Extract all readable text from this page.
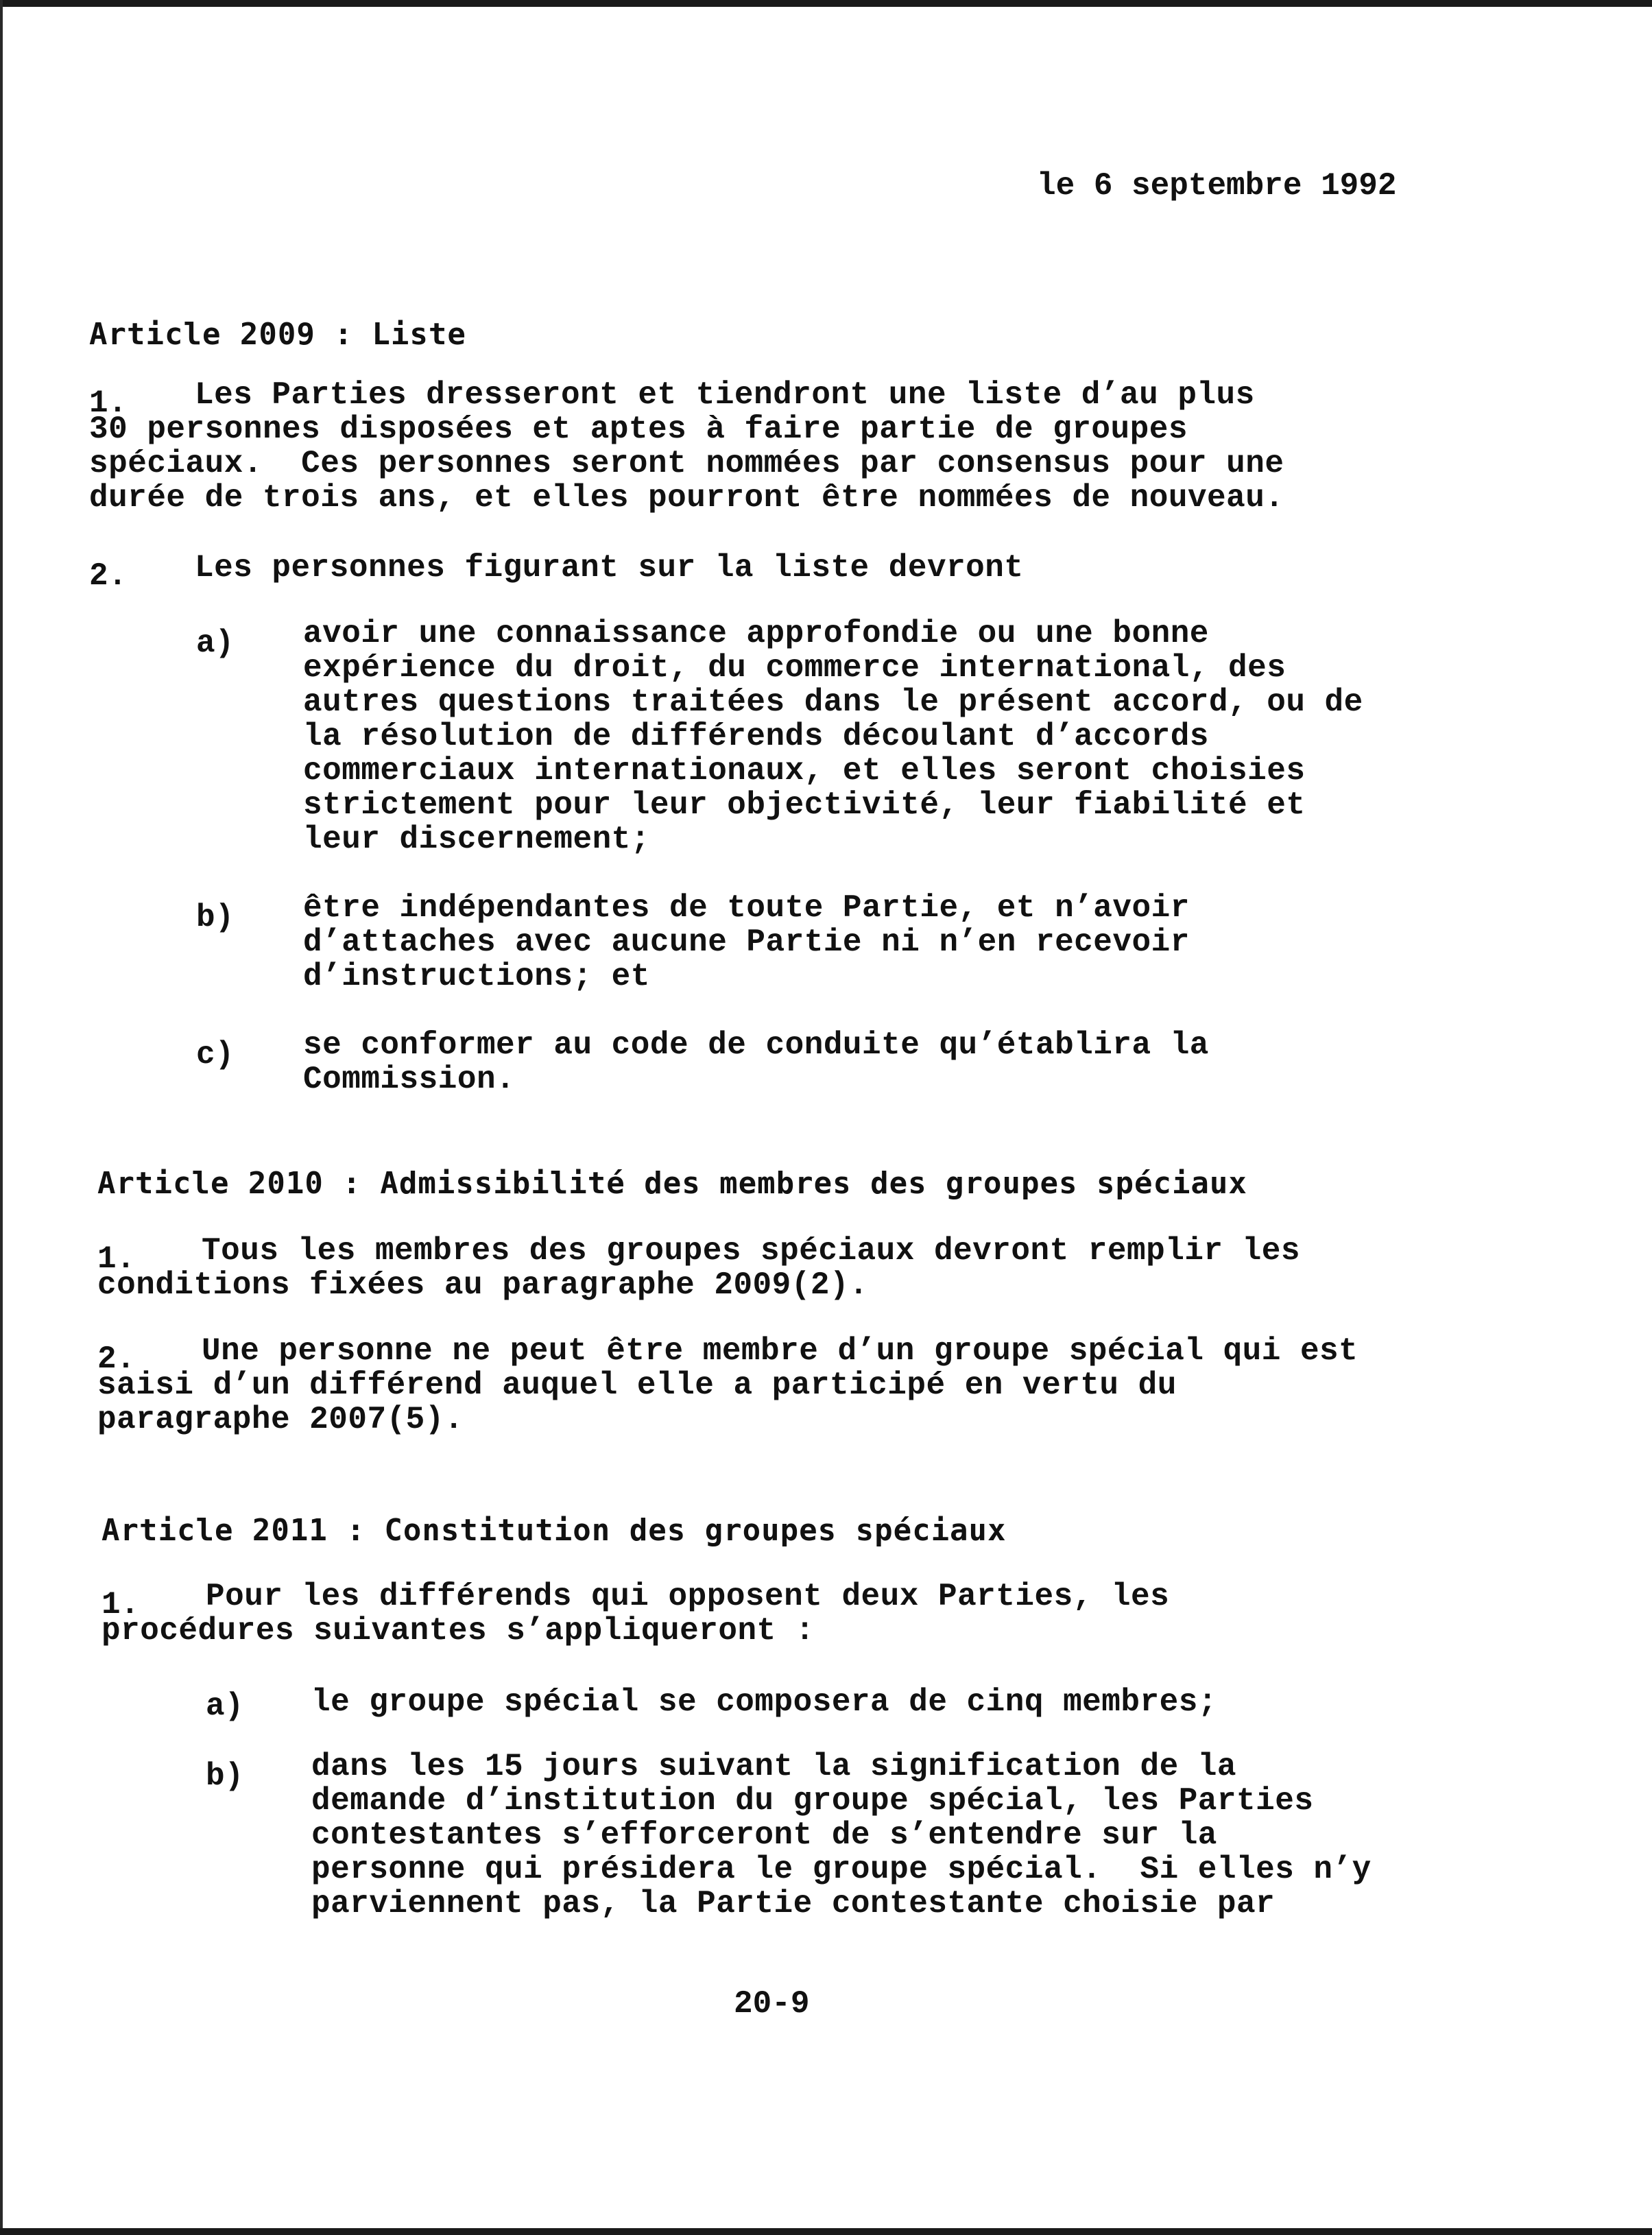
le 6 septembre 1992
Article 2009 : Liste
1. Les Parties dresseront et tiendront une liste d’au plus
30 personnes disposées et aptes à faire partie de groupes
spéciaux.  Ces personnes seront nommées par consensus pour une
durée de trois ans, et elles pourront être nommées de nouveau.
2. Les personnes figurant sur la liste devront
a) avoir une connaissance approfondie ou une bonne
expérience du droit, du commerce international, des
autres questions traitées dans le présent accord, ou de
la résolution de différends découlant d’accords
commerciaux internationaux, et elles seront choisies
strictement pour leur objectivité, leur fiabilité et
leur discernement;
b) être indépendantes de toute Partie, et n’avoir
d’attaches avec aucune Partie ni n’en recevoir
d’instructions; et
c) se conformer au code de conduite qu’établira la
Commission.
Article 2010 : Admissibilité des membres des groupes spéciaux
1. Tous les membres des groupes spéciaux devront remplir les
conditions fixées au paragraphe 2009(2).
2. Une personne ne peut être membre d’un groupe spécial qui est
saisi d’un différend auquel elle a participé en vertu du
paragraphe 2007(5).
Article 2011 : Constitution des groupes spéciaux
1. Pour les différends qui opposent deux Parties, les
procédures suivantes s’appliqueront :
a) le groupe spécial se composera de cinq membres;
b) dans les 15 jours suivant la signification de la
demande d’institution du groupe spécial, les Parties
contestantes s’efforceront de s’entendre sur la
personne qui présidera le groupe spécial.  Si elles n’y
parviennent pas, la Partie contestante choisie par
20-9
